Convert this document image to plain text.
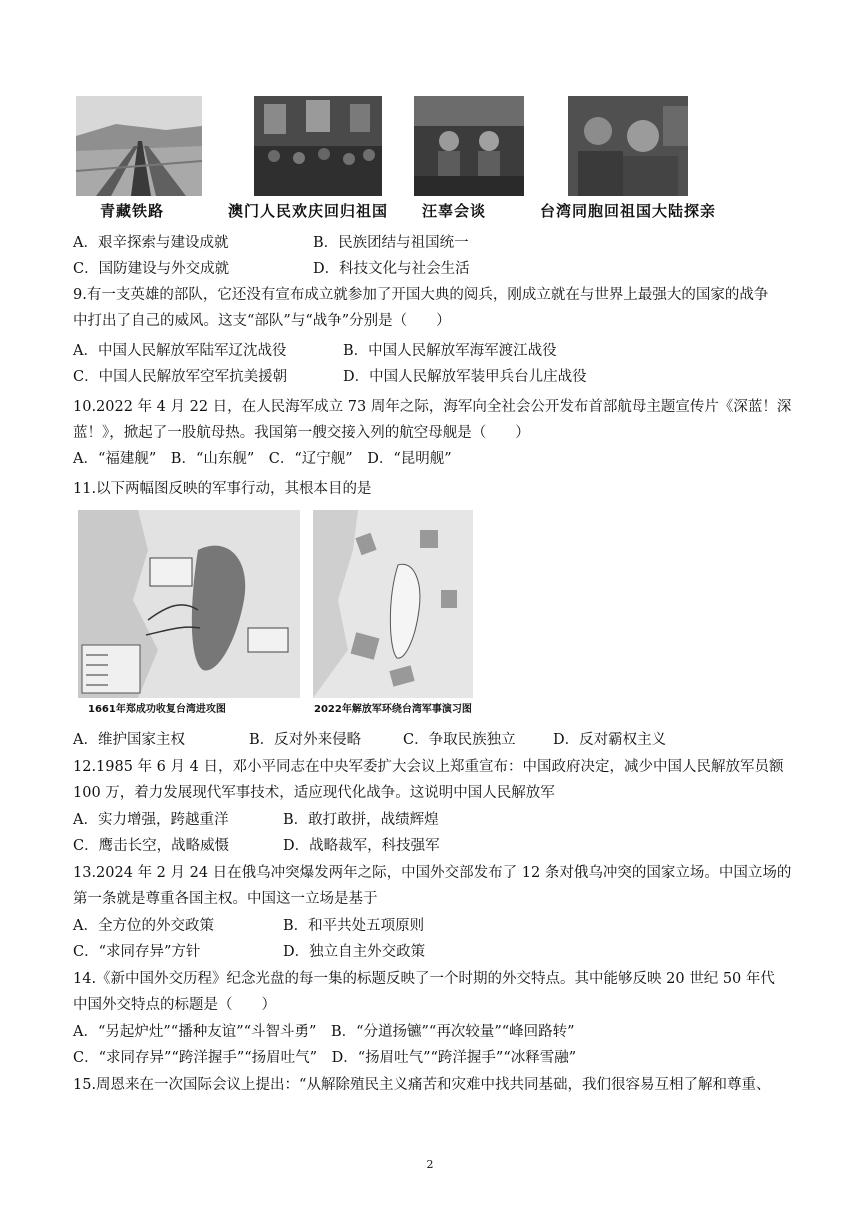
青藏铁路	澳门人民欢庆回归祖国 汪辜会谈	台湾同胞回祖国大陆探亲
A．艰辛探索与建设成就	B．民族团结与祖国统一
C．国防建设与外交成就	D．科技文化与社会生活
9.有一支英雄的部队，它还没有宣布成立就参加了开国大典的阅兵，刚成立就在与世界上最强大的国家的战争
中打出了自己的威风。这支“部队”与“战争”分别是（　　）
A．中国人民解放军陆军辽沈战役	B．中国人民解放军海军渡江战役
C．中国人民解放军空军抗美援朝	D．中国人民解放军装甲兵台儿庄战役
10.2022 年 4 月 22 日，在人民海军成立 73 周年之际，海军向全社会公开发布首部航母主题宣传片《深蓝！深
蓝！》，掀起了一股航母热。我国第一艘交接入列的航空母舰是（　　）
A．“福建舰”　B．“山东舰”　C．“辽宁舰”　D．“昆明舰”
11.以下两幅图反映的军事行动，其根本目的是
1661年郑成功收复台湾进攻图	2022年解放军环绕台湾军事演习图
A．维护国家主权	B．反对外来侵略	C．争取民族独立	D．反对霸权主义
12.1985 年 6 月 4 日，邓小平同志在中央军委扩大会议上郑重宣布：中国政府决定，减少中国人民解放军员额
100 万，着力发展现代军事技术，适应现代化战争。这说明中国人民解放军
A．实力增强，跨越重洋	B．敢打敢拼，战绩辉煌
C．鹰击长空，战略威慑	D．战略裁军，科技强军
13.2024 年 2 月 24 日在俄乌冲突爆发两年之际，中国外交部发布了 12 条对俄乌冲突的国家立场。中国立场的
第一条就是尊重各国主权。中国这一立场是基于
A．全方位的外交政策	B．和平共处五项原则
C．“求同存异”方针	D．独立自主外交政策
14.《新中国外交历程》纪念光盘的每一集的标题反映了一个时期的外交特点。其中能够反映 20 世纪 50 年代
中国外交特点的标题是（　　）
A．“另起炉灶”“播种友谊”“斗智斗勇”　B．“分道扬镳”“再次较量”“峰回路转”
C．“求同存异”“跨洋握手”“扬眉吐气”　D．“扬眉吐气”“跨洋握手”“冰释雪融”
15.周恩来在一次国际会议上提出：“从解除殖民主义痛苦和灾难中找共同基础，我们很容易互相了解和尊重、
2
